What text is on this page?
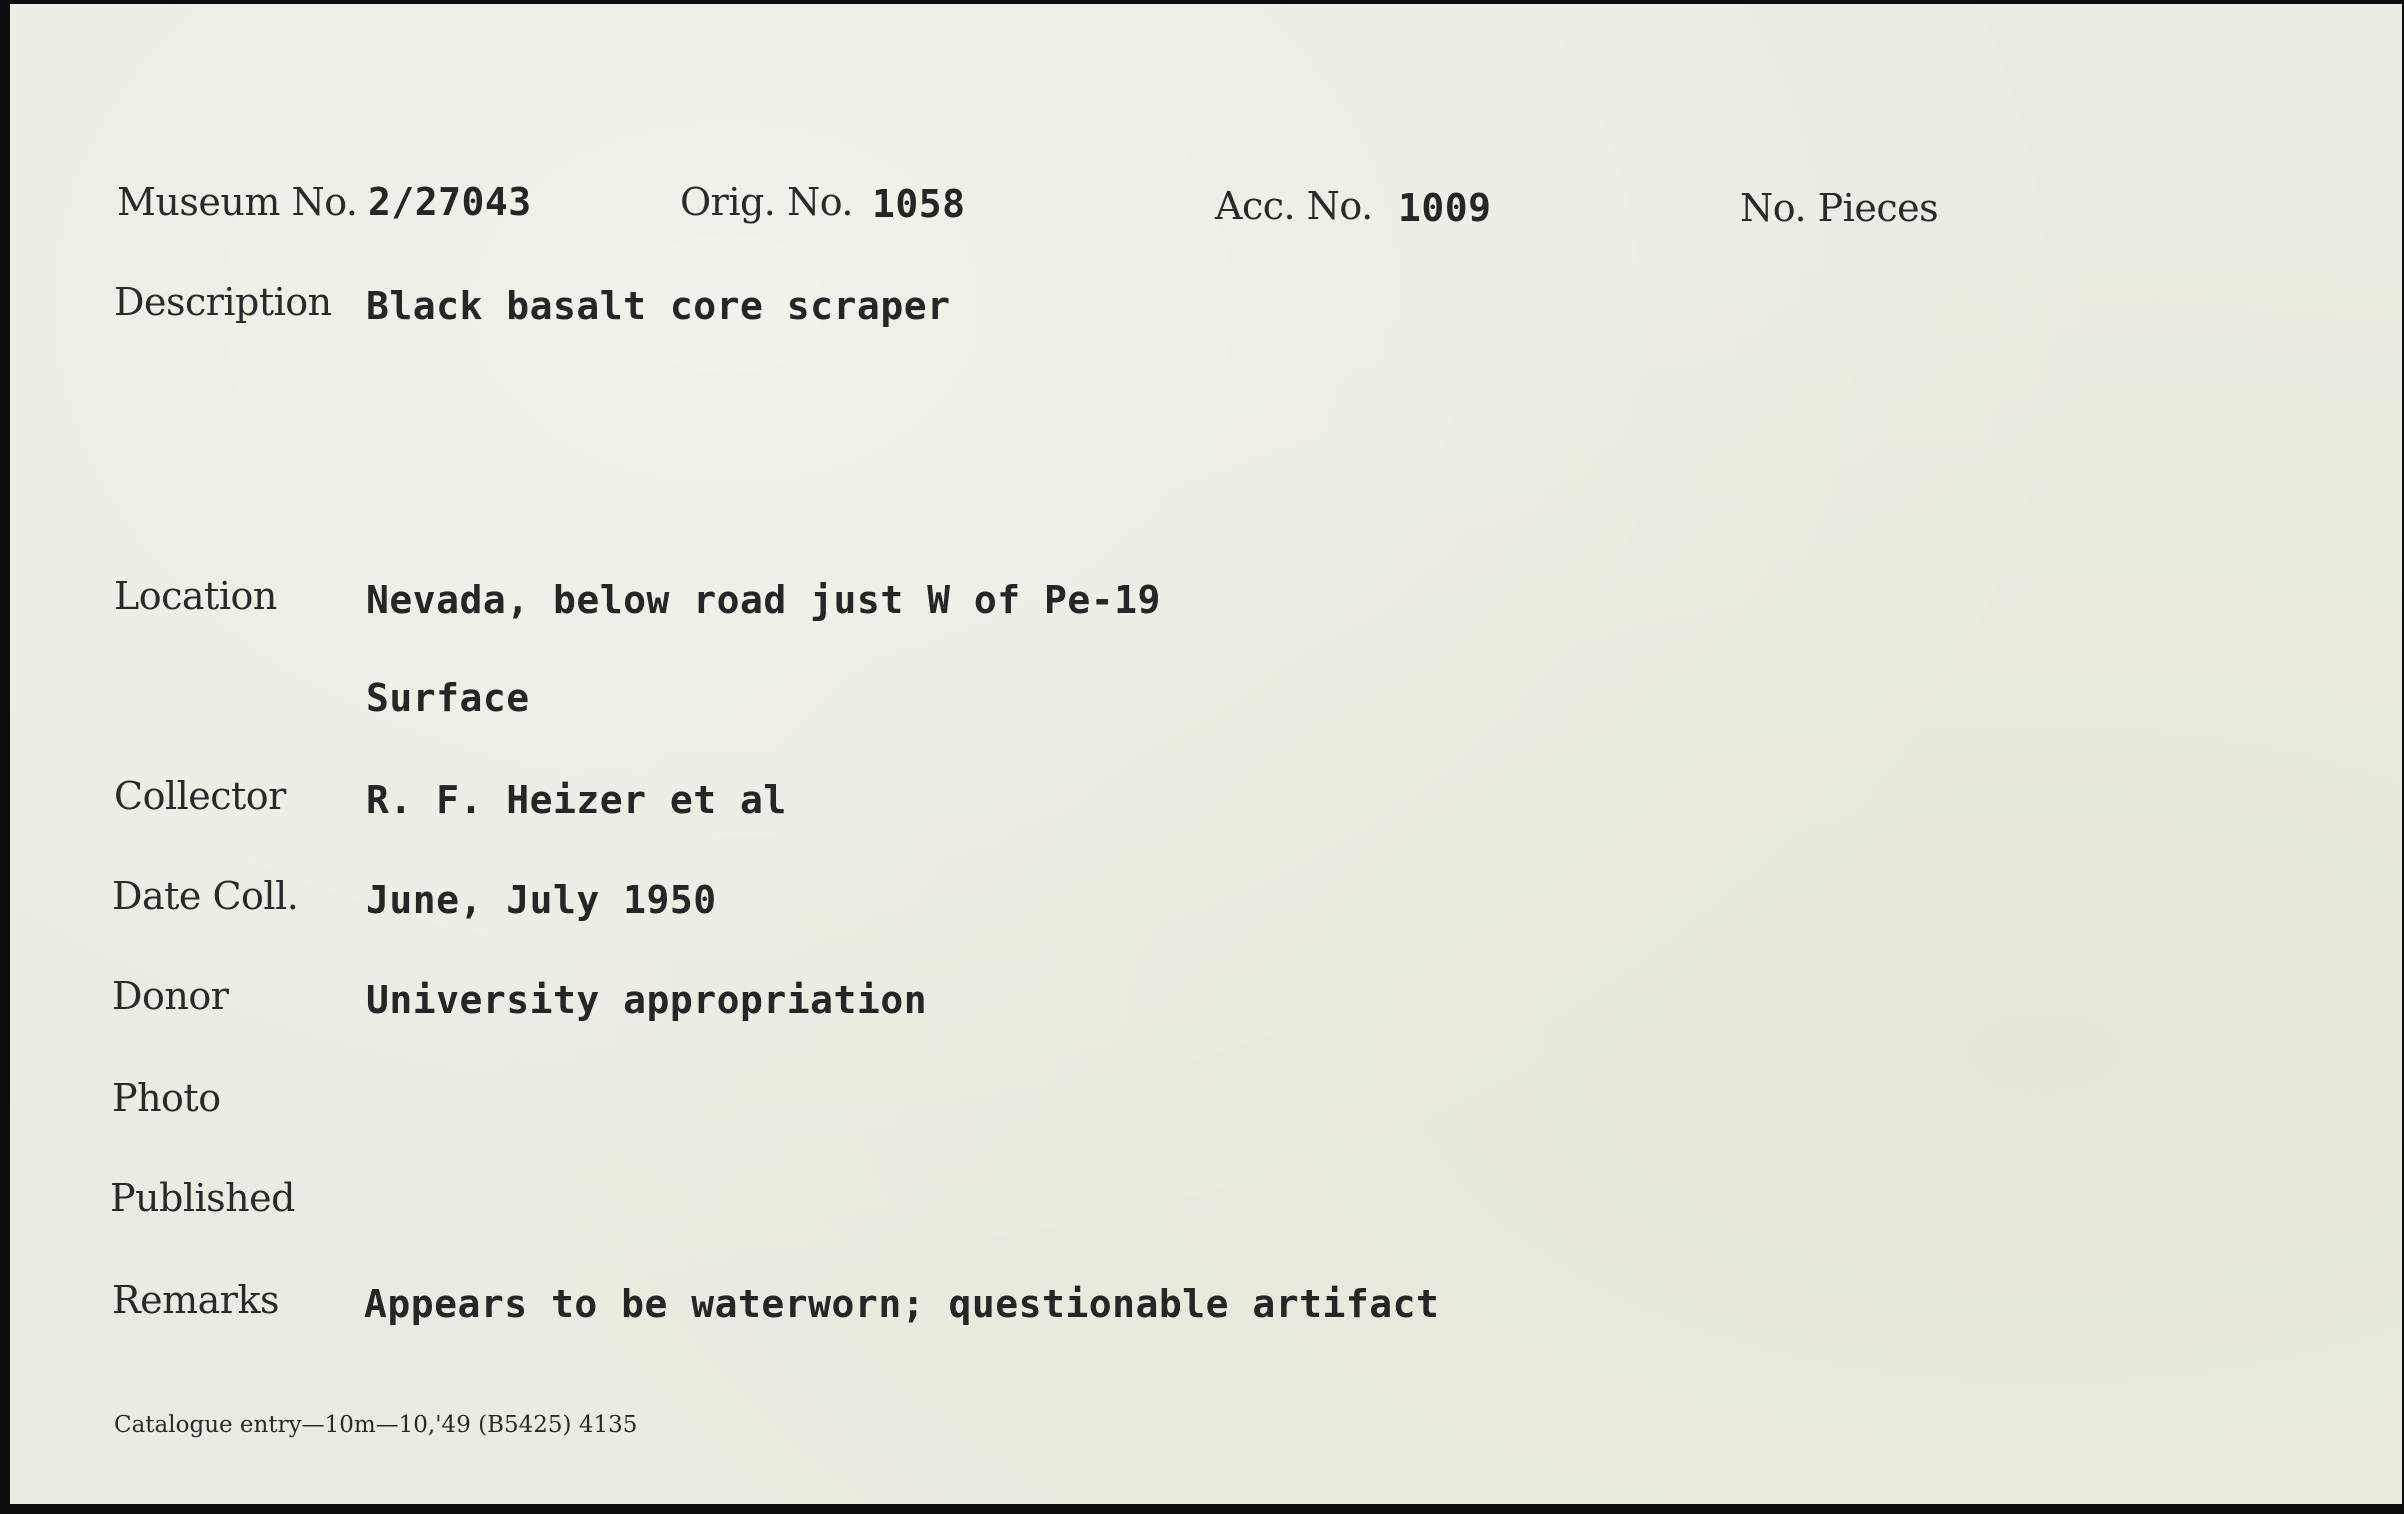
Museum No. 2/27043	Orig. No. 1058	Acc. No. 1009	No. Pieces
Description Black basalt core scraper
Location Nevada, below road just W of Pe-19
Surface
Collector R. F. Heizer et al
Date Coll. June, July 1950
Donor	University appropriation
Photo
Published
Remarks Appears to be waterworn; questionable artifact
Catalogue entry—10m—10,'49 (B5425) 4135
